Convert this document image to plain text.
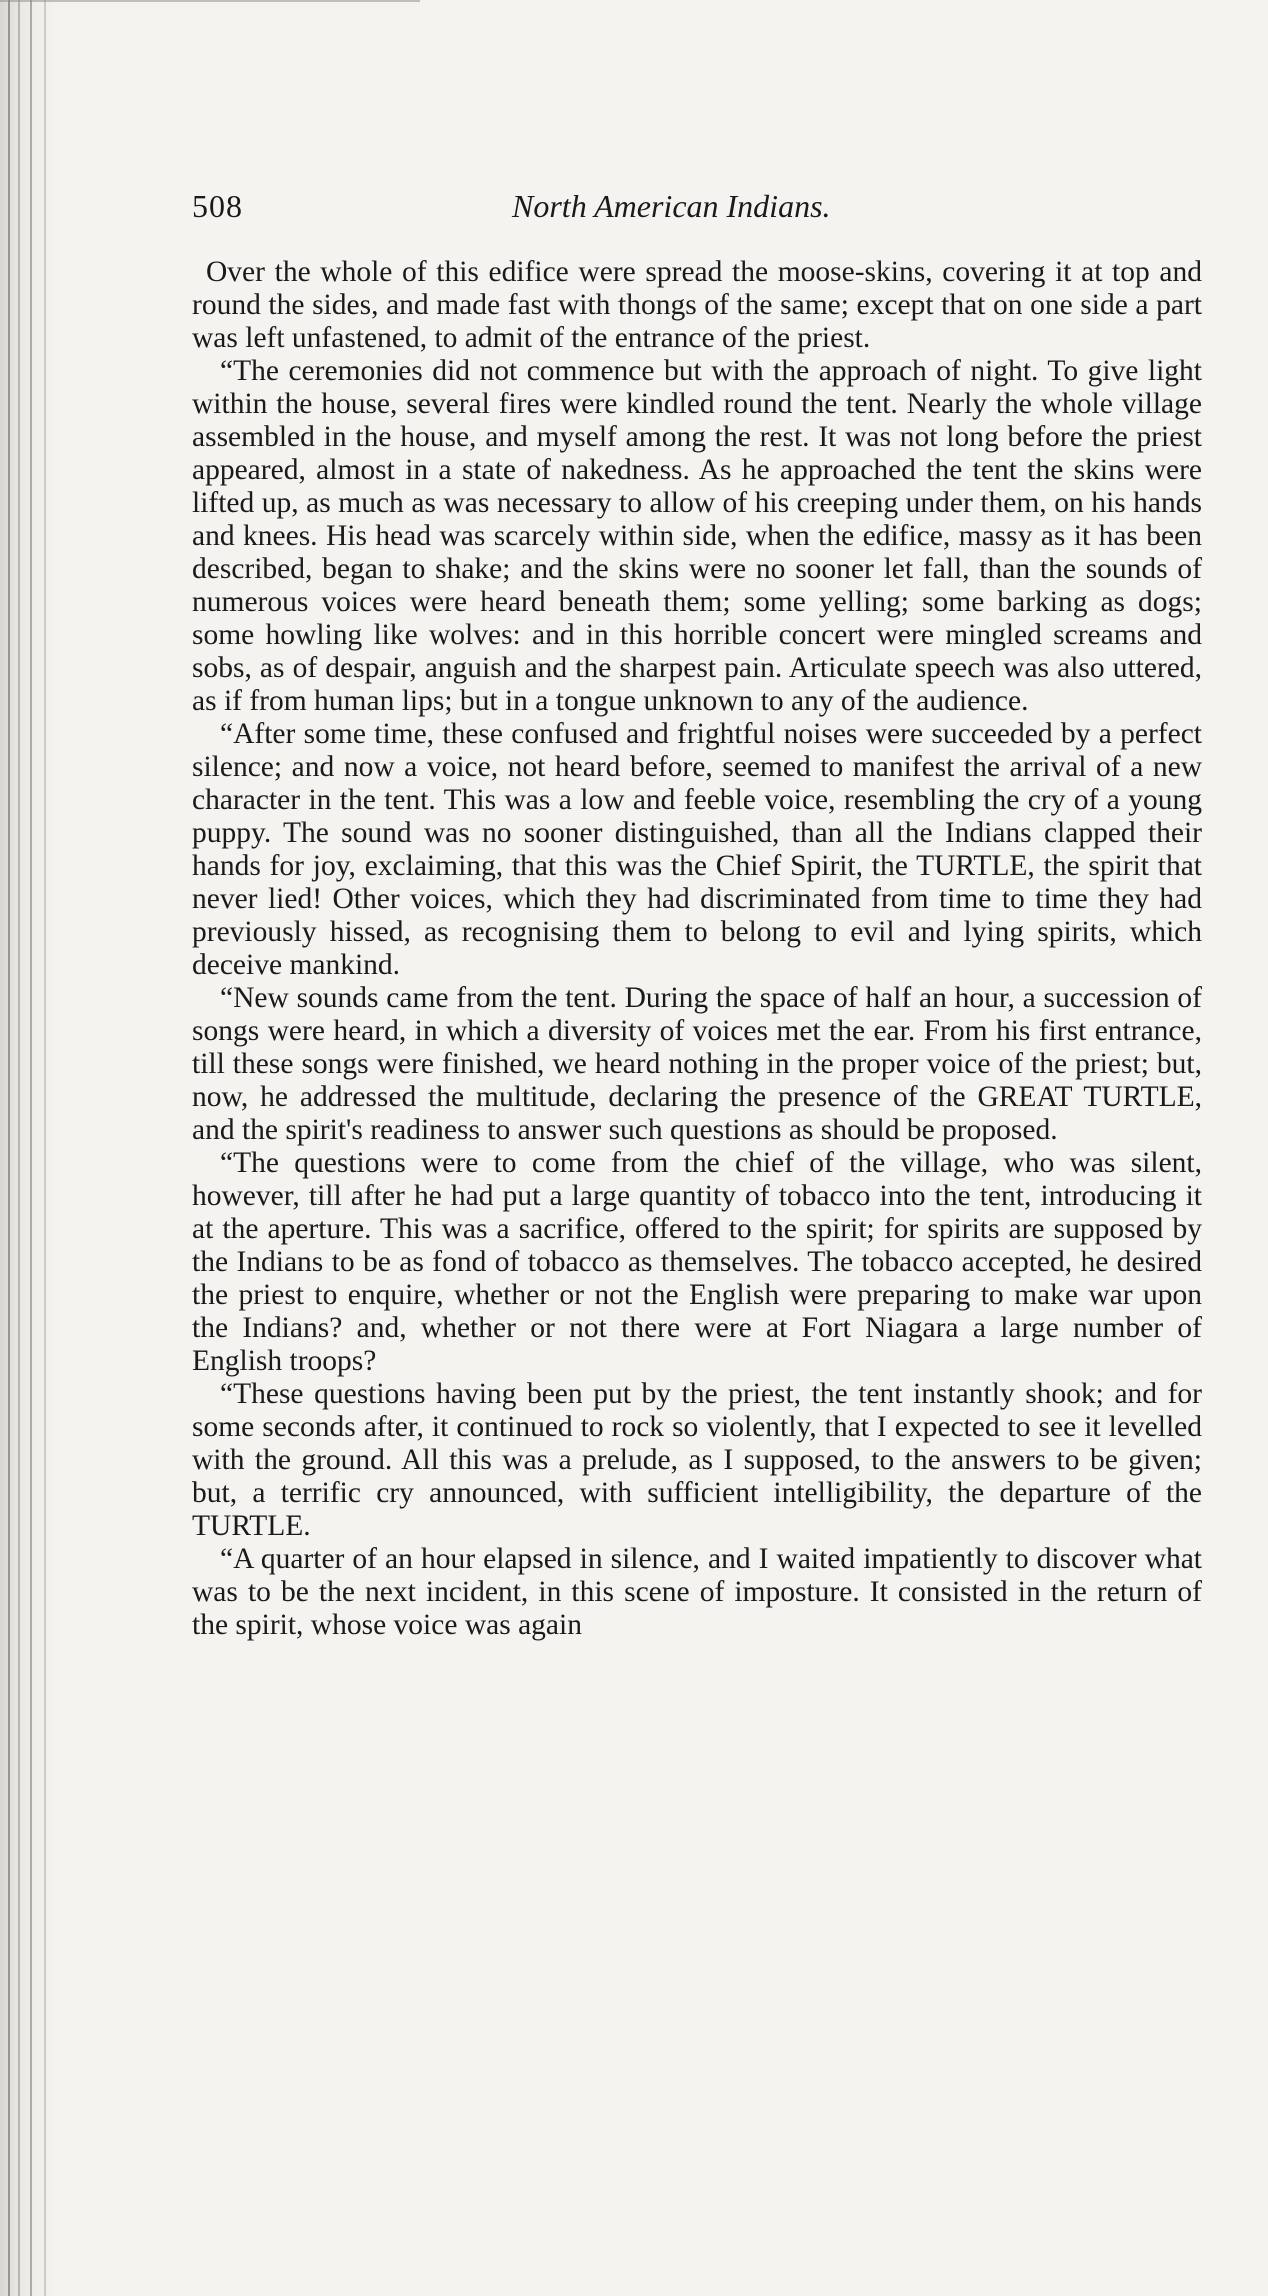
508	North American Indians.

Over the whole of this edifice were spread the moose-skins, covering it at top and round the sides, and made fast with thongs of the same; except that on one side a part was left unfastened, to admit of the entrance of the priest.

“The ceremonies did not commence but with the approach of night. To give light within the house, several fires were kindled round the tent. Nearly the whole village assembled in the house, and myself among the rest. It was not long before the priest appeared, almost in a state of nakedness. As he approached the tent the skins were lifted up, as much as was necessary to allow of his creeping under them, on his hands and knees. His head was scarcely within side, when the edifice, massy as it has been described, began to shake; and the skins were no sooner let fall, than the sounds of numerous voices were heard beneath them; some yelling; some barking as dogs; some howling like wolves: and in this horrible concert were mingled screams and sobs, as of despair, anguish and the sharpest pain. Articulate speech was also uttered, as if from human lips; but in a tongue unknown to any of the audience.

“After some time, these confused and frightful noises were succeeded by a perfect silence; and now a voice, not heard before, seemed to manifest the arrival of a new character in the tent. This was a low and feeble voice, resembling the cry of a young puppy. The sound was no sooner distinguished, than all the Indians clapped their hands for joy, exclaiming, that this was the Chief Spirit, the TURTLE, the spirit that never lied! Other voices, which they had discriminated from time to time they had previously hissed, as recognising them to belong to evil and lying spirits, which deceive mankind.

“New sounds came from the tent. During the space of half an hour, a succession of songs were heard, in which a diversity of voices met the ear. From his first entrance, till these songs were finished, we heard nothing in the proper voice of the priest; but, now, he addressed the multitude, declaring the presence of the GREAT TURTLE, and the spirit's readiness to answer such questions as should be proposed.

“The questions were to come from the chief of the village, who was silent, however, till after he had put a large quantity of tobacco into the tent, introducing it at the aperture. This was a sacrifice, offered to the spirit; for spirits are supposed by the Indians to be as fond of tobacco as themselves. The tobacco accepted, he desired the priest to enquire, whether or not the English were preparing to make war upon the Indians? and, whether or not there were at Fort Niagara a large number of English troops?

“These questions having been put by the priest, the tent instantly shook; and for some seconds after, it continued to rock so violently, that I expected to see it levelled with the ground. All this was a prelude, as I supposed, to the answers to be given; but, a terrific cry announced, with sufficient intelligibility, the departure of the TURTLE.

“A quarter of an hour elapsed in silence, and I waited impatiently to discover what was to be the next incident, in this scene of imposture. It consisted in the return of the spirit, whose voice was again
